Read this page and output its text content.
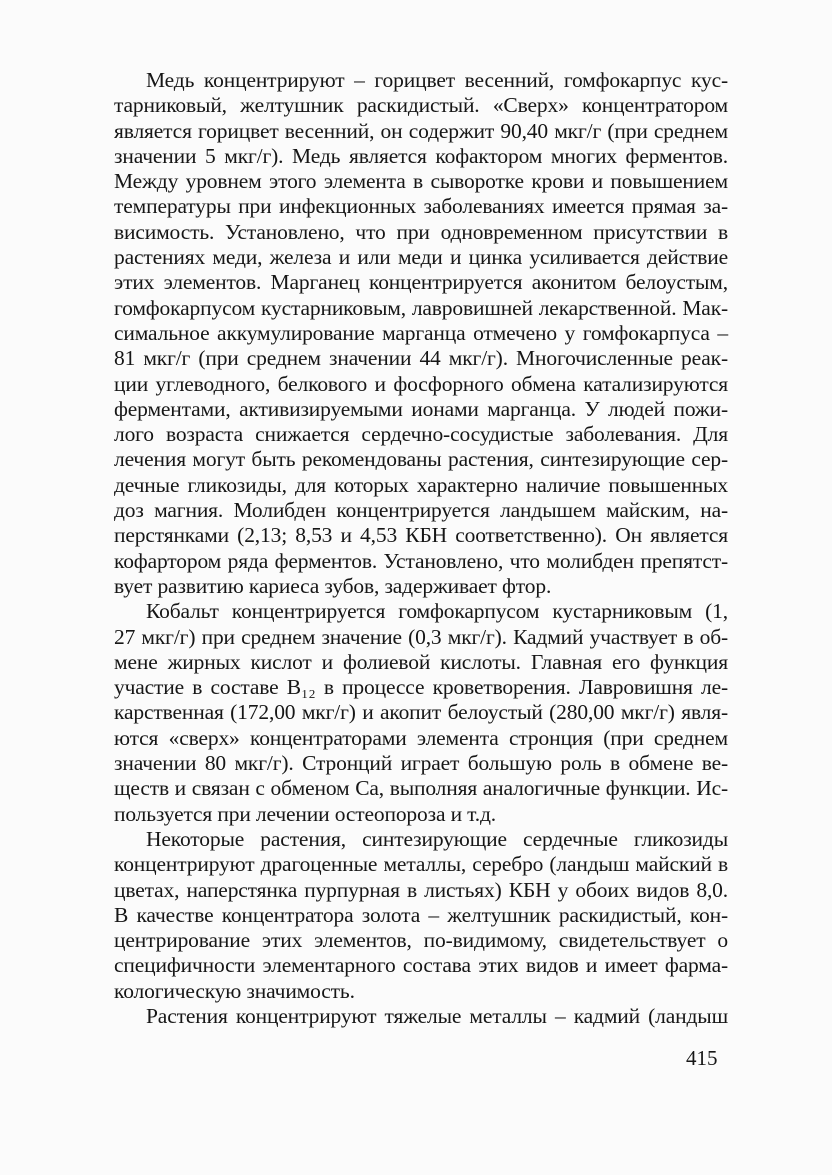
Медь концентрируют – горицвет весенний, гомфокарпус кус-
тарниковый, желтушник раскидистый. «Сверх» концентратором
является горицвет весенний, он содержит 90,40 мкг/г (при среднем
значении 5 мкг/г). Медь является кофактором многих ферментов.
Между уровнем этого элемента в сыворотке крови и повышением
температуры при инфекционных заболеваниях имеется прямая за-
висимость. Установлено, что при одновременном присутствии в
растениях меди, железа и или меди и цинка усиливается действие
этих элементов. Марганец концентрируется аконитом белоустым,
гомфокарпусом кустарниковым, лавровишней лекарственной. Мак-
симальное аккумулирование марганца отмечено у гомфокарпуса –
81 мкг/г (при среднем значении 44 мкг/г). Многочисленные реак-
ции углеводного, белкового и фосфорного обмена катализируются
ферментами, активизируемыми ионами марганца. У людей пожи-
лого возраста снижается сердечно-сосудистые заболевания. Для
лечения могут быть рекомендованы растения, синтезирующие сер-
дечные гликозиды, для которых характерно наличие повышенных
доз магния. Молибден концентрируется ландышем майским, на-
перстянками (2,13; 8,53 и 4,53 КБН соответственно). Он является
кофартором ряда ферментов. Установлено, что молибден препятст-
вует развитию кариеса зубов, задерживает фтор.
Кобальт концентрируется гомфокарпусом кустарниковым (1,
27 мкг/г) при среднем значение (0,3 мкг/г). Кадмий участвует в об-
мене жирных кислот и фолиевой кислоты. Главная его функция
участие в составе B₁₂ в процессе кроветворения. Лавровишня ле-
карственная (172,00 мкг/г) и акопит белоустый (280,00 мкг/г) явля-
ются «сверх» концентраторами элемента стронция (при среднем
значении 80 мкг/г). Стронций играет большую роль в обмене ве-
ществ и связан с обменом Ca, выполняя аналогичные функции. Ис-
пользуется при лечении остеопороза и т.д.
Некоторые растения, синтезирующие сердечные гликозиды
концентрируют драгоценные металлы, серебро (ландыш майский в
цветах, наперстянка пурпурная в листьях) КБН у обоих видов 8,0.
В качестве концентратора золота – желтушник раскидистый, кон-
центрирование этих элементов, по-видимому, свидетельствует о
специфичности элементарного состава этих видов и имеет фарма-
кологическую значимость.
Растения концентрируют тяжелые металлы – кадмий (ландыш
415
